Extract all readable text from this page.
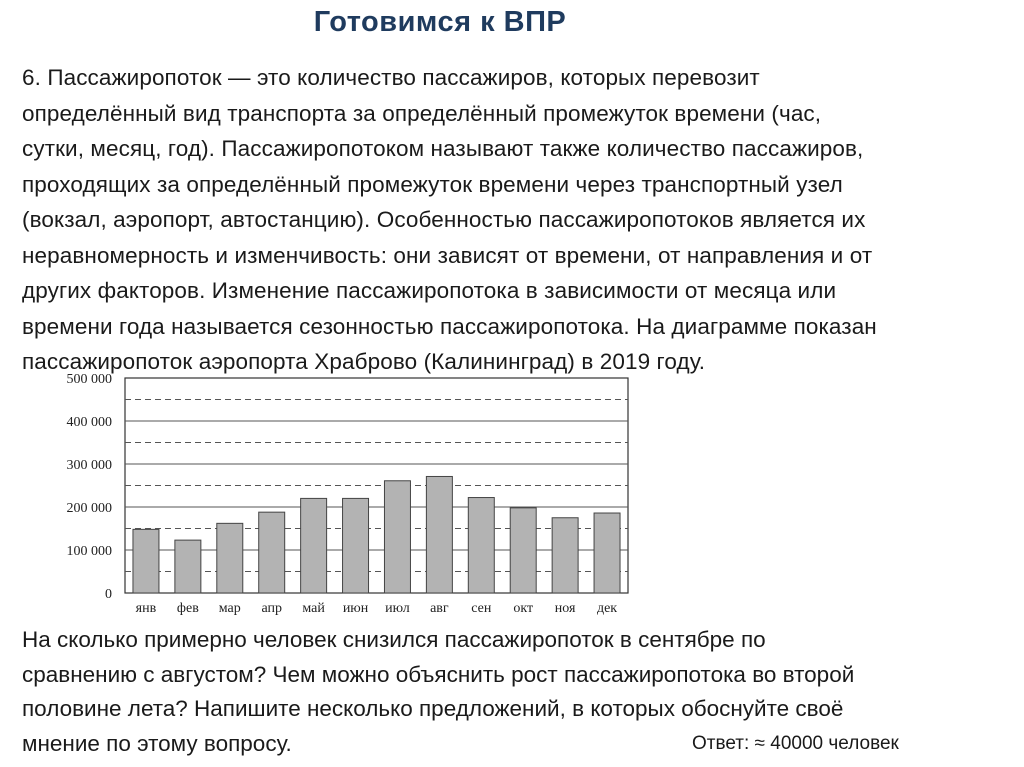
Готовимся к ВПР

6. Пассажиропоток — это количество пассажиров, которых перевозит
определённый вид транспорта за определённый промежуток времени (час,
сутки, месяц, год). Пассажиропотоком называют также количество пассажиров,
проходящих за определённый промежуток времени через транспортный узел
(вокзал, аэропорт, автостанцию). Особенностью пассажиропотоков является их
неравномерность и изменчивость: они зависят от времени, от направления и от
других факторов. Изменение пассажиропотока в зависимости от месяца или
времени года называется сезонностью пассажиропотока. На диаграмме показан
пассажиропоток аэропорта Храброво (Калининград) в 2019 году.

0
100 000
200 000
300 000
400 000
500 000
янв фев мар апр май июн июл авг сен окт ноя дек

На сколько примерно человек снизился пассажиропоток в сентябре по
сравнению с августом? Чем можно объяснить рост пассажиропотока во второй
половине лета? Напишите несколько предложений, в которых обоснуйте своё
мнение по этому вопросу.	Ответ: ≈ 40000 человек
